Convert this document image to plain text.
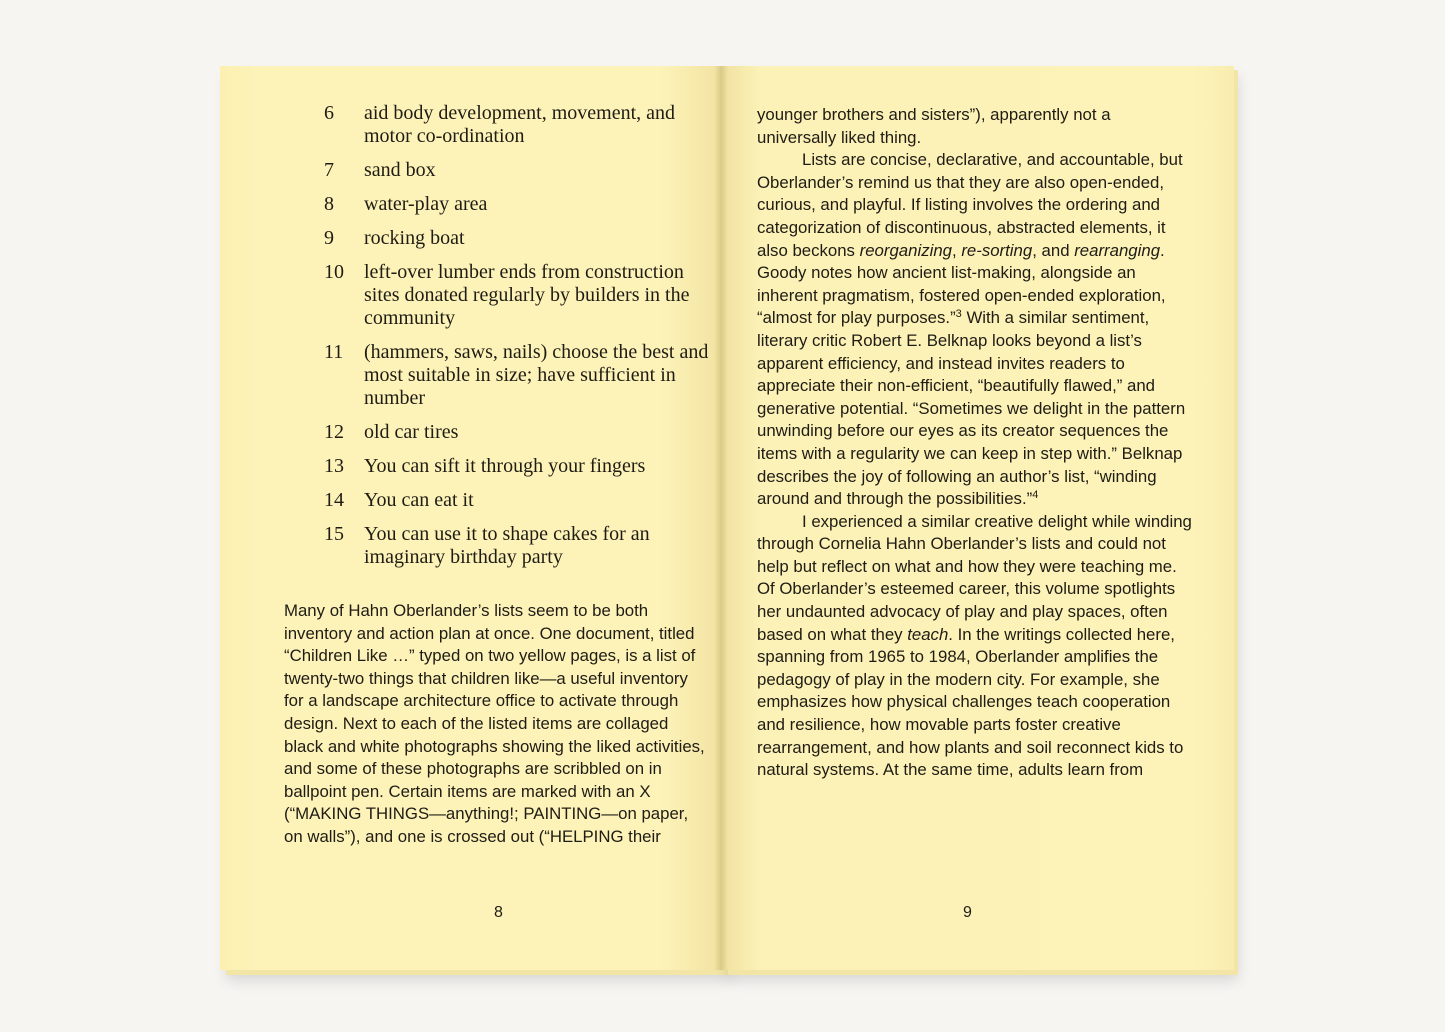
6	aid body development, movement, and motor co-ordination
7	sand box
8	water-play area
9	rocking boat
10	left-over lumber ends from construction sites donated regularly by builders in the community
11	(hammers, saws, nails) choose the best and most suitable in size; have sufficient in number
12	old car tires
13	You can sift it through your fingers
14	You can eat it
15	You can use it to shape cakes for an imaginary birthday party

Many of Hahn Oberlander’s lists seem to be both inventory and action plan at once. One document, titled “Children Like …” typed on two yellow pages, is a list of twenty-two things that children like—a useful inventory for a landscape architecture office to activate through design. Next to each of the listed items are collaged black and white photographs showing the liked activities, and some of these photographs are scribbled on in ballpoint pen. Certain items are marked with an X (“MAKING THINGS—anything!; PAINTING—on paper, on walls”), and one is crossed out (“HELPING their

8

younger brothers and sisters”), apparently not a universally liked thing.

Lists are concise, declarative, and accountable, but Oberlander’s remind us that they are also open-ended, curious, and playful. If listing involves the ordering and categorization of discontinuous, abstracted elements, it also beckons reorganizing, re-sorting, and rearranging. Goody notes how ancient list-making, alongside an inherent pragmatism, fostered open-ended exploration, “almost for play purposes.”$^3$ With a similar sentiment, literary critic Robert E. Belknap looks beyond a list’s apparent efficiency, and instead invites readers to appreciate their non-efficient, “beautifully flawed,” and generative potential. “Sometimes we delight in the pattern unwinding before our eyes as its creator sequences the items with a regularity we can keep in step with.” Belknap describes the joy of following an author’s list, “winding around and through the possibilities.”$^4$

I experienced a similar creative delight while winding through Cornelia Hahn Oberlander’s lists and could not help but reflect on what and how they were teaching me. Of Oberlander’s esteemed career, this volume spotlights her undaunted advocacy of play and play spaces, often based on what they teach. In the writings collected here, spanning from 1965 to 1984, Oberlander amplifies the pedagogy of play in the modern city. For example, she emphasizes how physical challenges teach cooperation and resilience, how movable parts foster creative rearrangement, and how plants and soil reconnect kids to natural systems. At the same time, adults learn from

9
